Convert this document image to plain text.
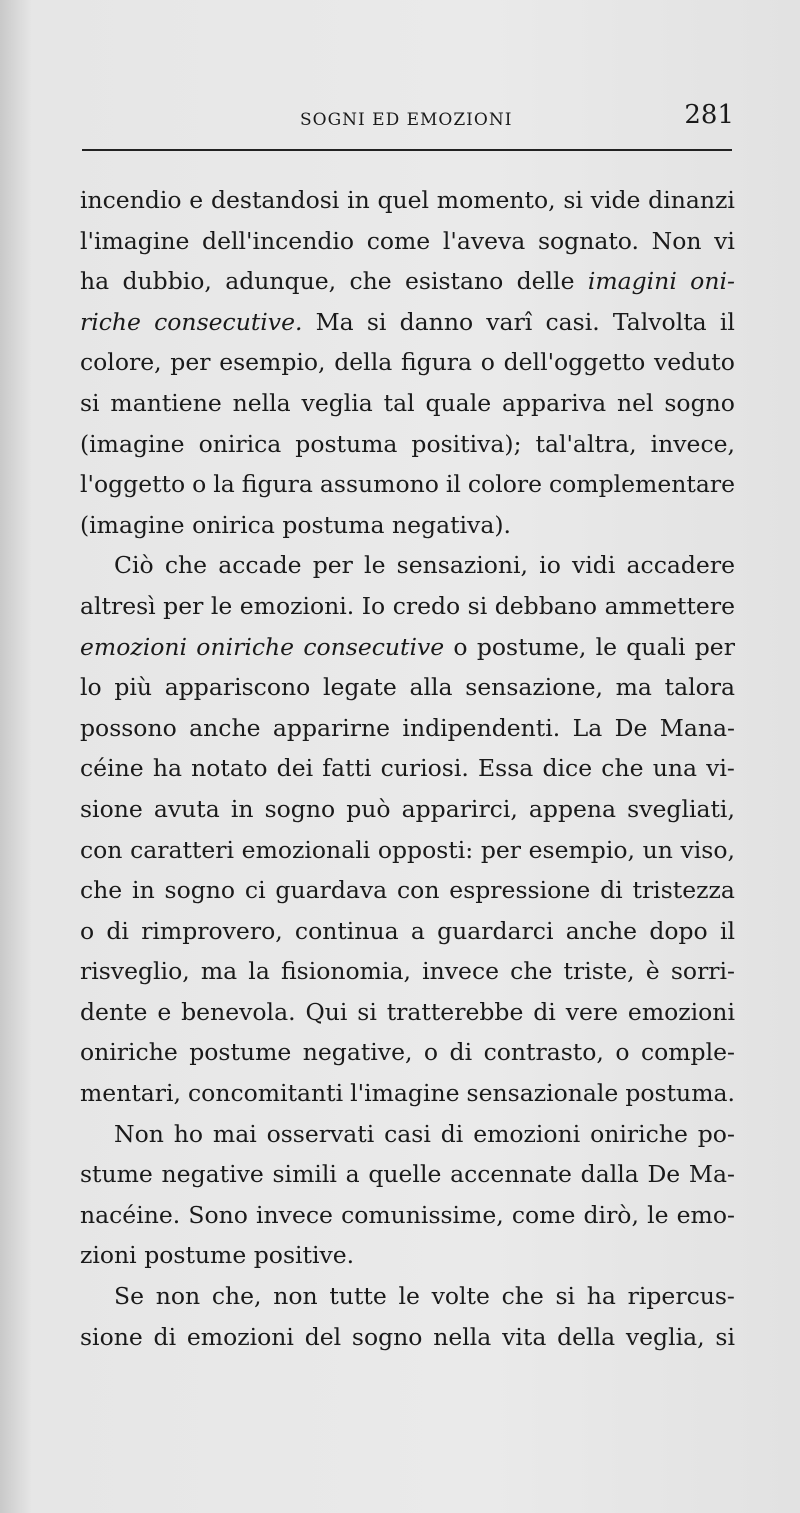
SOGNI ED EMOZIONI	281
incendio e destandosi in quel momento, si vide dinanzi
l'imagine dell'incendio come l'aveva sognato. Non vi
ha dubbio, adunque, che esistano delle imagini oni-
riche consecutive. Ma si danno varî casi. Talvolta il
colore, per esempio, della figura o dell'oggetto veduto
si mantiene nella veglia tal quale appariva nel sogno
(imagine onirica postuma positiva); tal'altra, invece,
l'oggetto o la figura assumono il colore complementare
(imagine onirica postuma negativa).
Ciò che accade per le sensazioni, io vidi accadere
altresì per le emozioni. Io credo si debbano ammettere
emozioni oniriche consecutive o postume, le quali per
lo più appariscono legate alla sensazione, ma talora
possono anche apparirne indipendenti. La De Mana-
céine ha notato dei fatti curiosi. Essa dice che una vi-
sione avuta in sogno può apparirci, appena svegliati,
con caratteri emozionali opposti: per esempio, un viso,
che in sogno ci guardava con espressione di tristezza
o di rimprovero, continua a guardarci anche dopo il
risveglio, ma la fisionomia, invece che triste, è sorri-
dente e benevola. Qui si tratterebbe di vere emozioni
oniriche postume negative, o di contrasto, o comple-
mentari, concomitanti l'imagine sensazionale postuma.
Non ho mai osservati casi di emozioni oniriche po-
stume negative simili a quelle accennate dalla De Ma-
nacéine. Sono invece comunissime, come dirò, le emo-
zioni postume positive.
Se non che, non tutte le volte che si ha ripercus-
sione di emozioni del sogno nella vita della veglia, si
